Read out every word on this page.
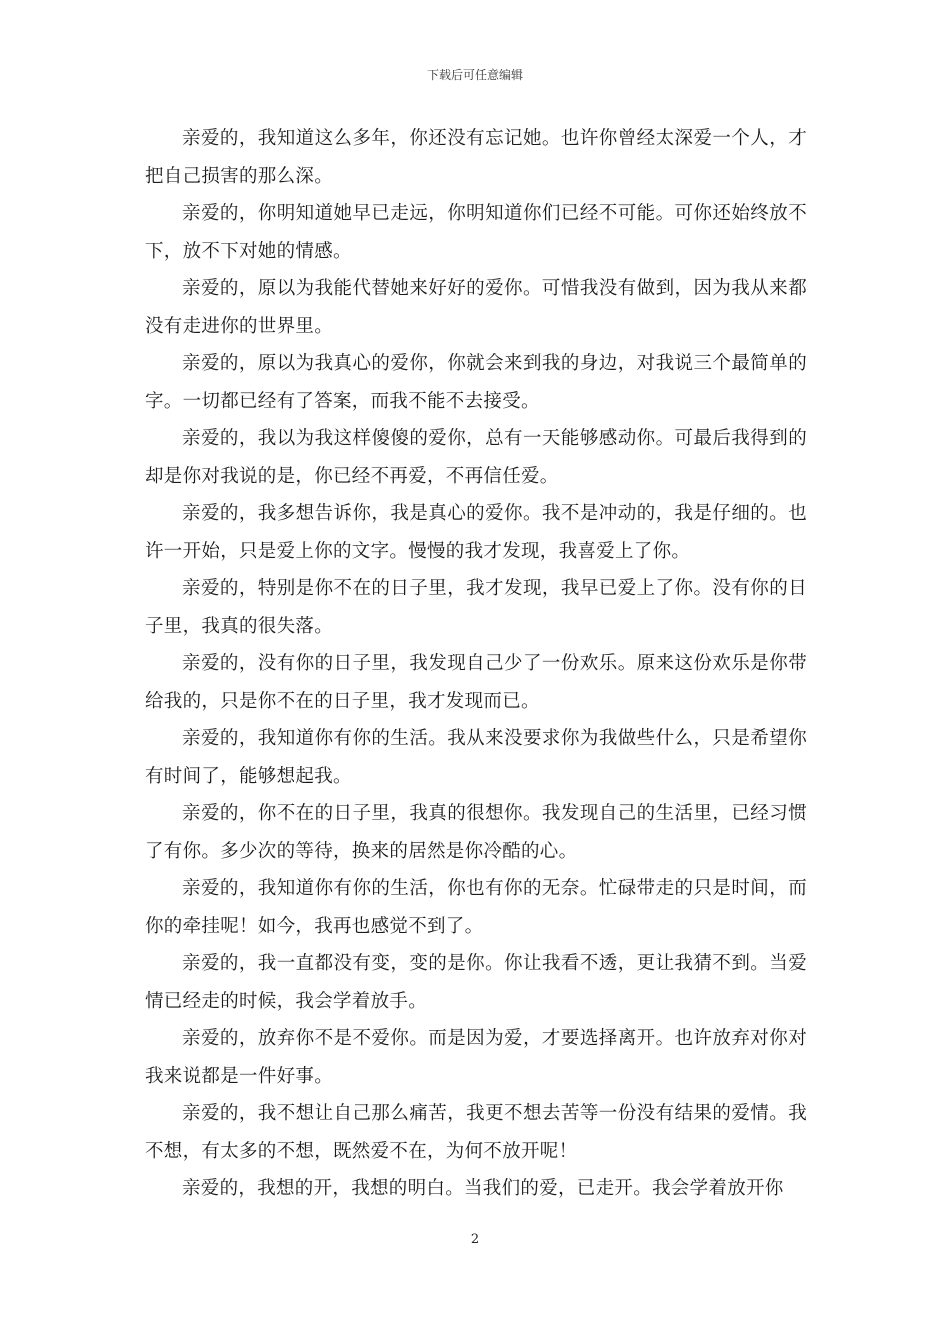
下载后可任意编辑

亲爱的，我知道这么多年，你还没有忘记她。也许你曾经太深爱一个人，才把自己损害的那么深。

亲爱的，你明知道她早已走远，你明知道你们已经不可能。可你还始终放不下，放不下对她的情感。

亲爱的，原以为我能代替她来好好的爱你。可惜我没有做到，因为我从来都没有走进你的世界里。

亲爱的，原以为我真心的爱你，你就会来到我的身边，对我说三个最简单的字。一切都已经有了答案，而我不能不去接受。

亲爱的，我以为我这样傻傻的爱你，总有一天能够感动你。可最后我得到的却是你对我说的是，你已经不再爱，不再信任爱。

亲爱的，我多想告诉你，我是真心的爱你。我不是冲动的，我是仔细的。也许一开始，只是爱上你的文字。慢慢的我才发现，我喜爱上了你。

亲爱的，特别是你不在的日子里，我才发现，我早已爱上了你。没有你的日子里，我真的很失落。

亲爱的，没有你的日子里，我发现自己少了一份欢乐。原来这份欢乐是你带给我的，只是你不在的日子里，我才发现而已。

亲爱的，我知道你有你的生活。我从来没要求你为我做些什么，只是希望你有时间了，能够想起我。

亲爱的，你不在的日子里，我真的很想你。我发现自己的生活里，已经习惯了有你。多少次的等待，换来的居然是你冷酷的心。

亲爱的，我知道你有你的生活，你也有你的无奈。忙碌带走的只是时间，而你的牵挂呢！如今，我再也感觉不到了。

亲爱的，我一直都没有变，变的是你。你让我看不透，更让我猜不到。当爱情已经走的时候，我会学着放手。

亲爱的，放弃你不是不爱你。而是因为爱，才要选择离开。也许放弃对你对我来说都是一件好事。

亲爱的，我不想让自己那么痛苦，我更不想去苦等一份没有结果的爱情。我不想，有太多的不想，既然爱不在，为何不放开呢！

亲爱的，我想的开，我想的明白。当我们的爱，已走开。我会学着放开你

2
